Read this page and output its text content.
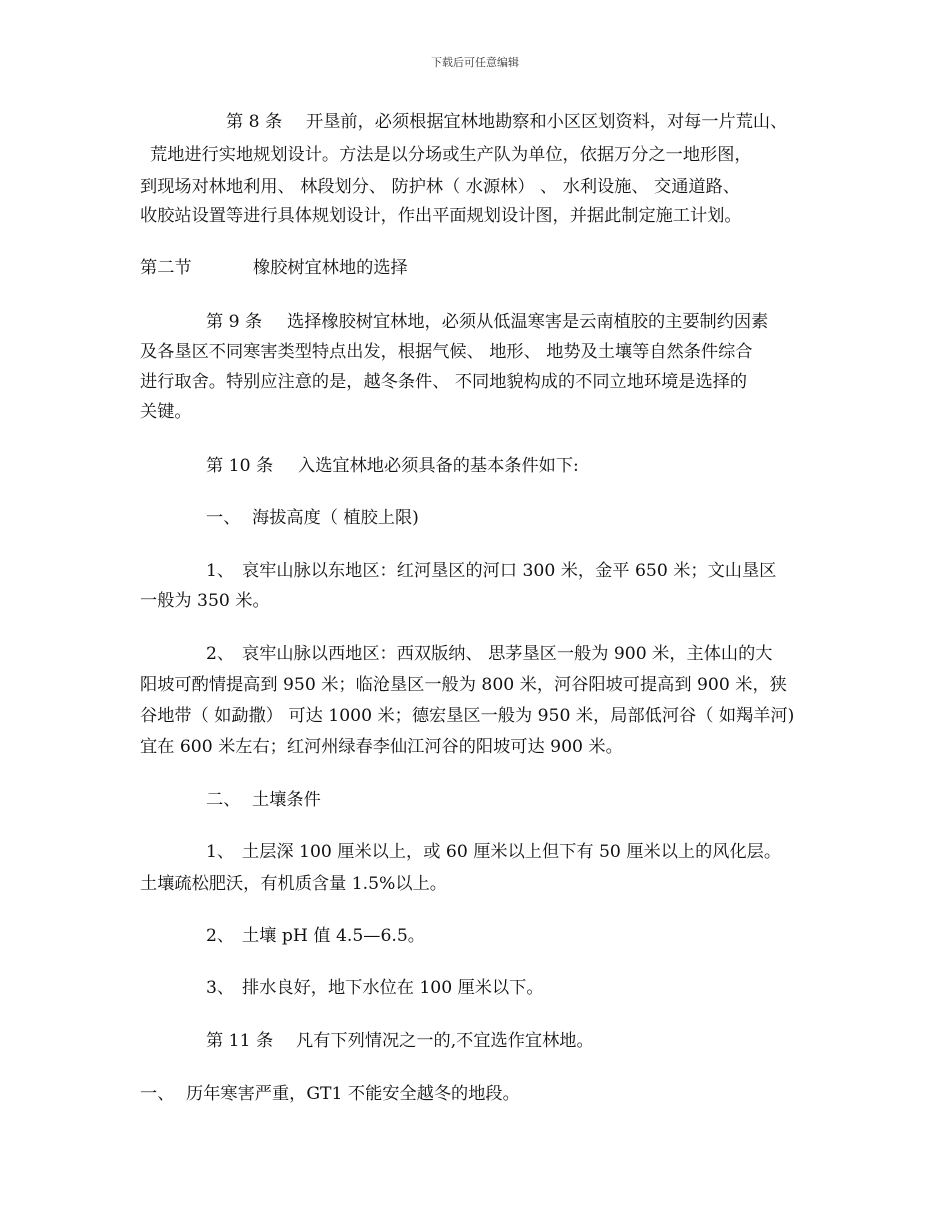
下载后可任意编辑
第 8 条 开垦前，必须根据宜林地勘察和小区区划资料，对每一片荒山、
荒地进行实地规划设计。方法是以分场或生产队为单位，依据万分之一地形图，
到现场对林地利用、 林段划分、 防护林（ 水源林） 、 水利设施、 交通道路、
收胶站设置等进行具体规划设计，作出平面规划设计图，并据此制定施工计划。
第二节	橡胶树宜林地的选择
第 9 条 选择橡胶树宜林地，必须从低温寒害是云南植胶的主要制约因素
及各垦区不同寒害类型特点出发，根据气候、 地形、 地势及土壤等自然条件综合
进行取舍。特别应注意的是，越冬条件、 不同地貌构成的不同立地环境是选择的
关键。
第 10 条 入选宜林地必须具备的基本条件如下:
一、 海拔高度（ 植胶上限)
1、 哀牢山脉以东地区：红河垦区的河口 300 米，金平 650 米；文山垦区
一般为 350 米。
2、 哀牢山脉以西地区：西双版纳、 思茅垦区一般为 900 米，主体山的大
阳坡可酌情提高到 950 米；临沧垦区一般为 800 米，河谷阳坡可提高到 900 米，狭
谷地带（ 如勐撒） 可达 1000 米；德宏垦区一般为 950 米，局部低河谷（ 如羯羊河)
宜在 600 米左右；红河州绿春李仙江河谷的阳坡可达 900 米。
二、 土壤条件
1、 土层深 100 厘米以上，或 60 厘米以上但下有 50 厘米以上的风化层。
土壤疏松肥沃，有机质含量 1.5%以上。
2、 土壤 pH 值 4.5—6.5。
3、 排水良好，地下水位在 100 厘米以下。
第 11 条 凡有下列情况之一的,不宜选作宜林地。
一、 历年寒害严重，GT1 不能安全越冬的地段。
